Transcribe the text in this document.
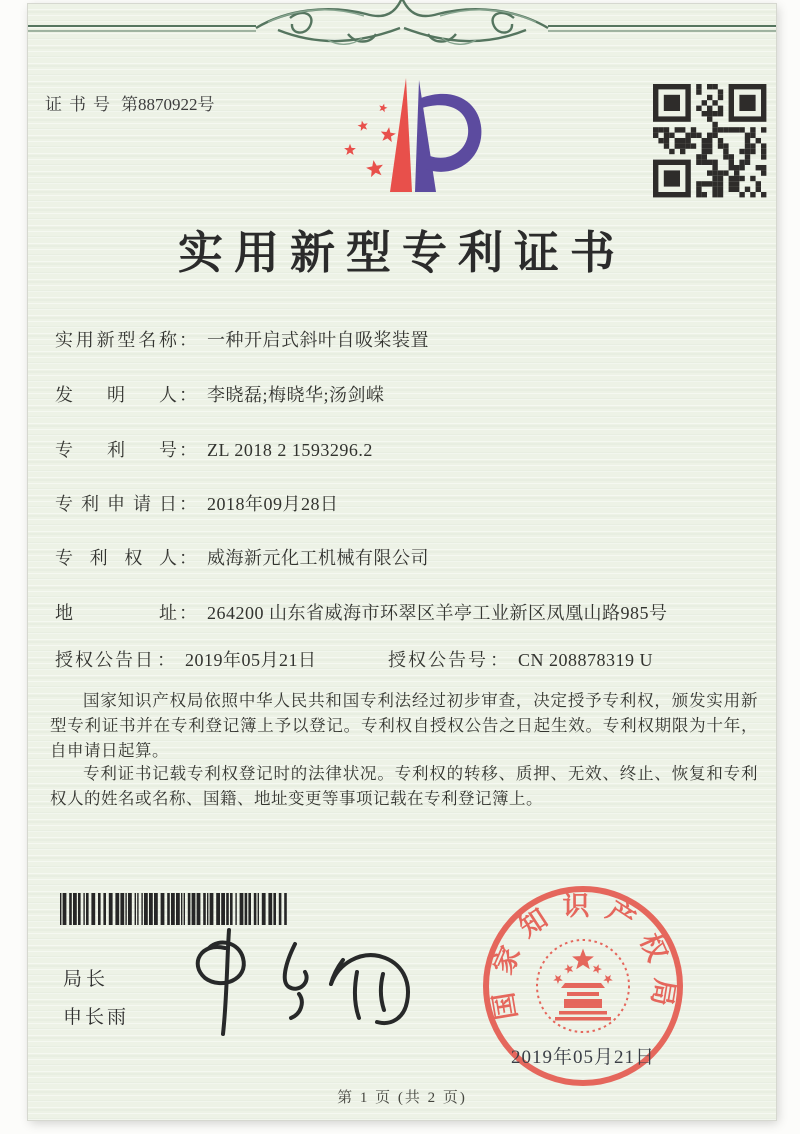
证书号 第8870922号
实用新型专利证书
实用新型名称 ： 一种开启式斜叶自吸桨装置
发明人 ： 李晓磊;梅晓华;汤剑嵘
专利号 ： ZL 2018 2 1593296.2
专利申请日 ： 2018年09月28日
专利权人 ： 威海新元化工机械有限公司
地址 ： 264200 山东省威海市环翠区羊亭工业新区凤凰山路985号
授权公告日 ： 2019年05月21日	授权公告号 ： CN 208878319 U
国家知识产权局依照中华人民共和国专利法经过初步审查，决定授予专利权，颁发实用新型专利证书并在专利登记簿上予以登记。专利权自授权公告之日起生效。专利权期限为十年，自申请日起算。
专利证书记载专利权登记时的法律状况。专利权的转移、质押、无效、终止、恢复和专利权人的姓名或名称、国籍、地址变更等事项记载在专利登记簿上。
局长
申长雨	国家知识产权局
2019年05月21日
第 1 页 (共 2 页)
